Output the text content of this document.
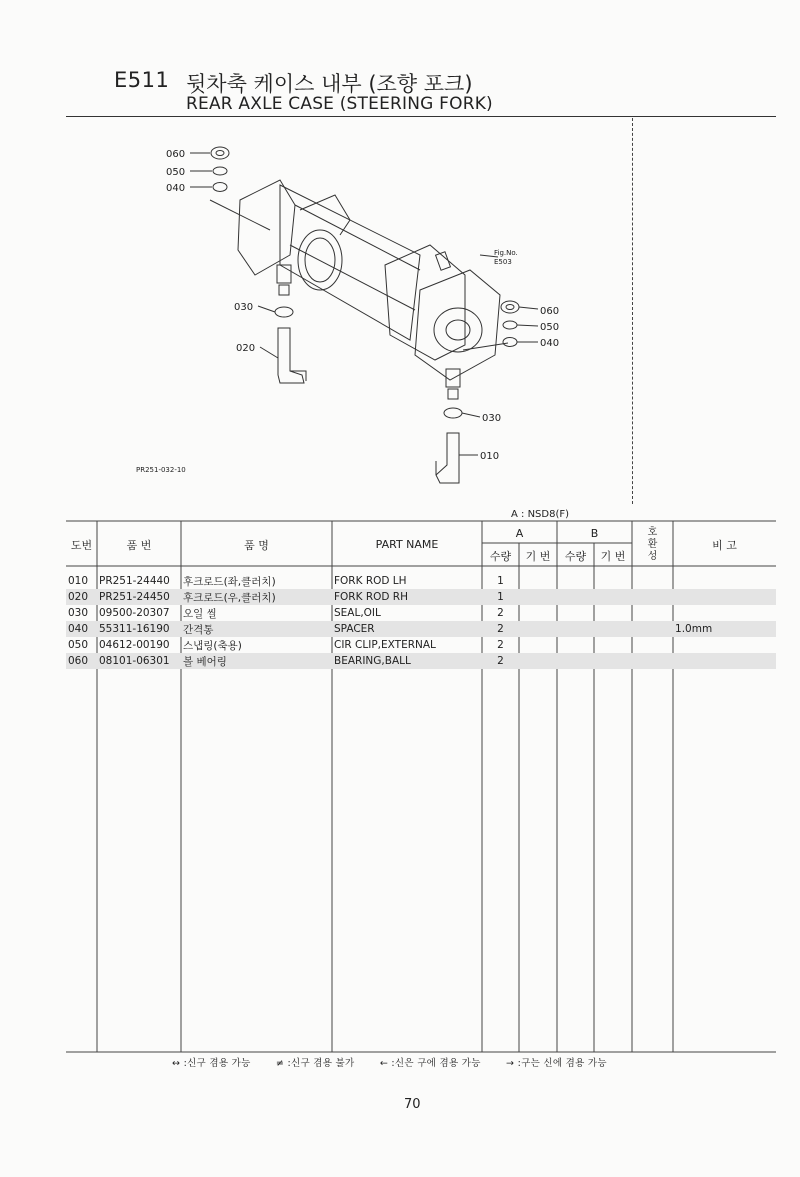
E511 뒷차축 케이스 내부 (조향 포크)
REAR AXLE CASE (STEERING FORK)
060
050
040
030
020
060
050
040
030
010
Fig.No.
E503
PR251-032-10
A : NSD8(F)
도번	품 번	품 명	PART NAME	A		B		호 환 성	비 고
				수량	기 번	수량	기 번		

010	PR251-24440	후크로드(좌,클러치)	FORK ROD LH	1					
020	PR251-24450	후크로드(우,클러치)	FORK ROD RH	1					
030	09500-20307	오일 씰	SEAL,OIL	2					
040	55311-16190	간격통	SPACER	2					1.0mm
050	04612-00190	스냅링(축용)	CIR CLIP,EXTERNAL	2					
060	08101-06301	볼 베어링	BEARING,BALL	2					
↔ :신구 겸용 가능	≠ :신구 겸용 불가	← :신은 구에 겸용 가능	→ :구는 신에 겸용 가능
70
